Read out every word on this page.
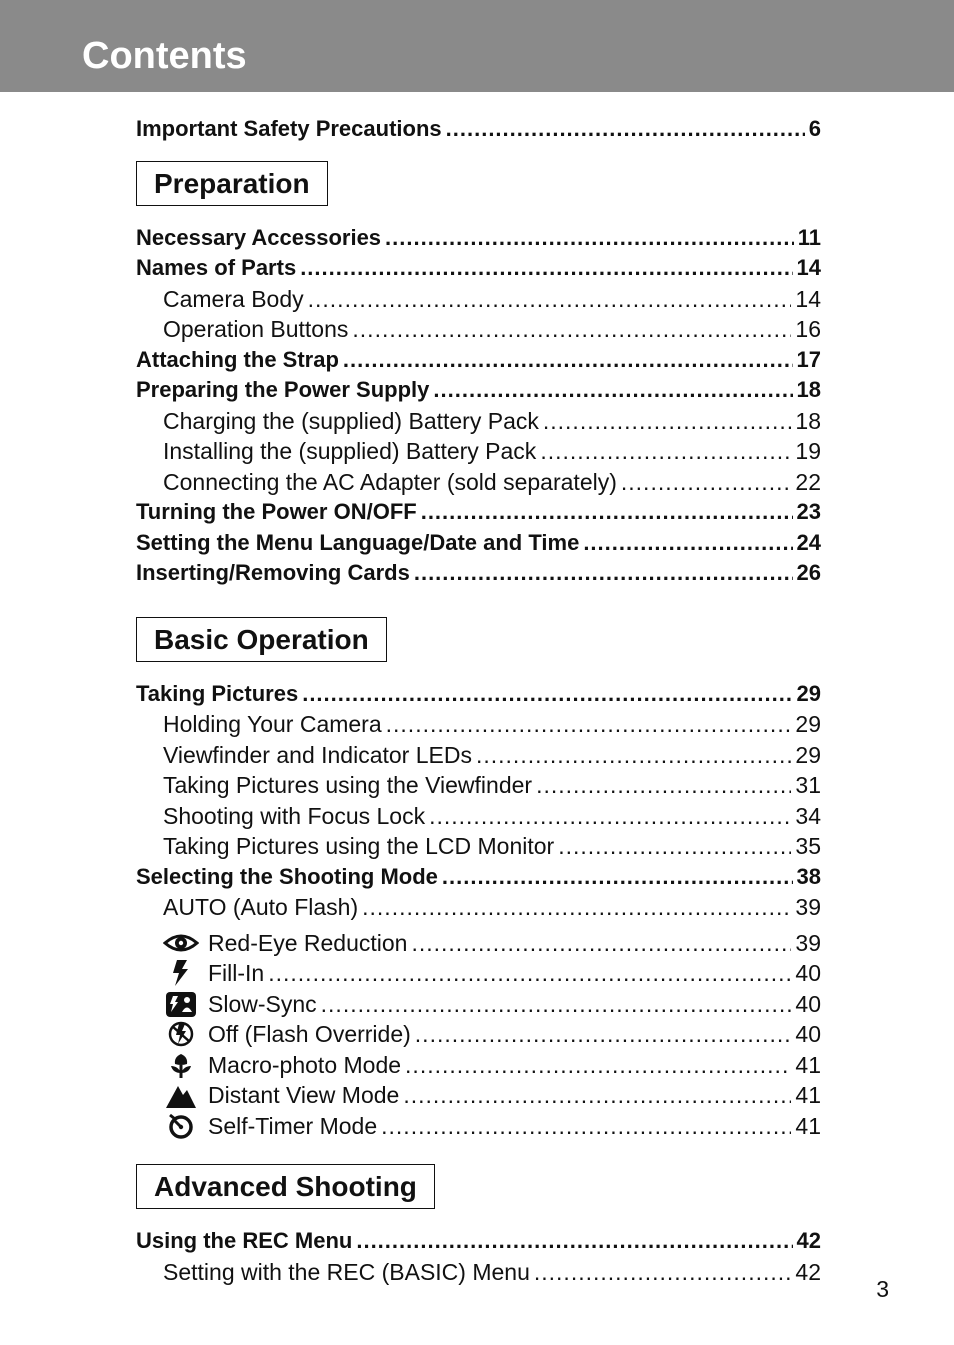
Contents
Important Safety Precautions .....	6
Preparation
Necessary Accessories .....	11
Names of Parts .....	14
Camera Body .....	14
Operation Buttons .....	16
Attaching the Strap .....	17
Preparing the Power Supply .....	18
Charging the (supplied) Battery Pack .....	18
Installing the (supplied) Battery Pack .....	19
Connecting the AC Adapter (sold separately) .....	22
Turning the Power ON/OFF .....	23
Setting the Menu Language/Date and Time .....	24
Inserting/Removing Cards .....	26
Basic Operation
Taking Pictures .....	29
Holding Your Camera .....	29
Viewfinder and Indicator LEDs .....	29
Taking Pictures using the Viewfinder .....	31
Shooting with Focus Lock .....	34
Taking Pictures using the LCD Monitor .....	35
Selecting the Shooting Mode .....	38
AUTO (Auto Flash) .....	39
Red-Eye Reduction .....	39
Fill-In .....	40
Slow-Sync .....	40
Off (Flash Override) .....	40
Macro-photo Mode .....	41
Distant View Mode .....	41
Self-Timer Mode .....	41
Advanced Shooting
Using the REC Menu .....	42
Setting with the REC (BASIC) Menu .....	42
3
